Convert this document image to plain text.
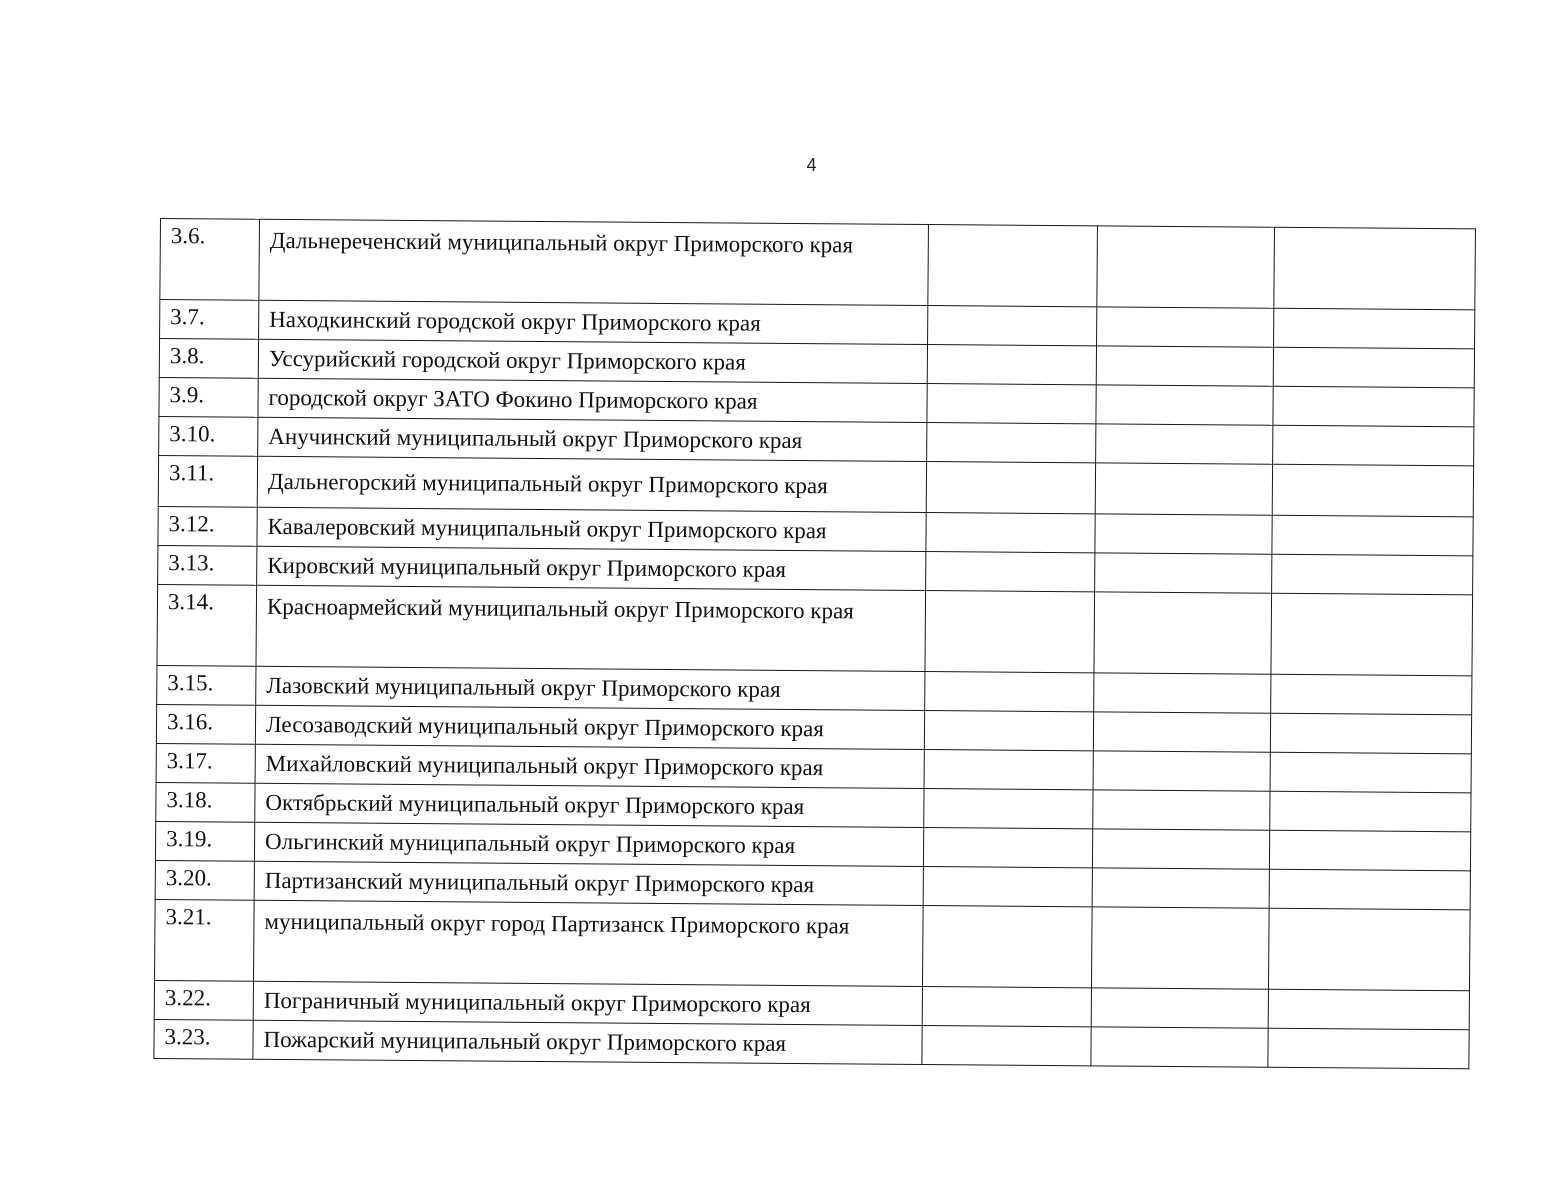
4
3.6.	Дальнереченский муниципальный округ Приморского края			
3.7.	Находкинский городской округ Приморского края			
3.8.	Уссурийский городской округ Приморского края			
3.9.	городской округ ЗАТО Фокино Приморского края			
3.10.	Анучинский муниципальный округ Приморского края			
3.11.	Дальнегорский муниципальный округ Приморского края			
3.12.	Кавалеровский муниципальный округ Приморского края			
3.13.	Кировский муниципальный округ Приморского края			
3.14.	Красноармейский муниципальный округ Приморского края			
3.15.	Лазовский муниципальный округ Приморского края			
3.16.	Лесозаводский муниципальный округ Приморского края			
3.17.	Михайловский муниципальный округ Приморского края			
3.18.	Октябрьский муниципальный округ Приморского края			
3.19.	Ольгинский муниципальный округ Приморского края			
3.20.	Партизанский муниципальный округ Приморского края			
3.21.	муниципальный округ город Партизанск Приморского края			
3.22.	Пограничный муниципальный округ Приморского края			
3.23.	Пожарский муниципальный округ Приморского края			
